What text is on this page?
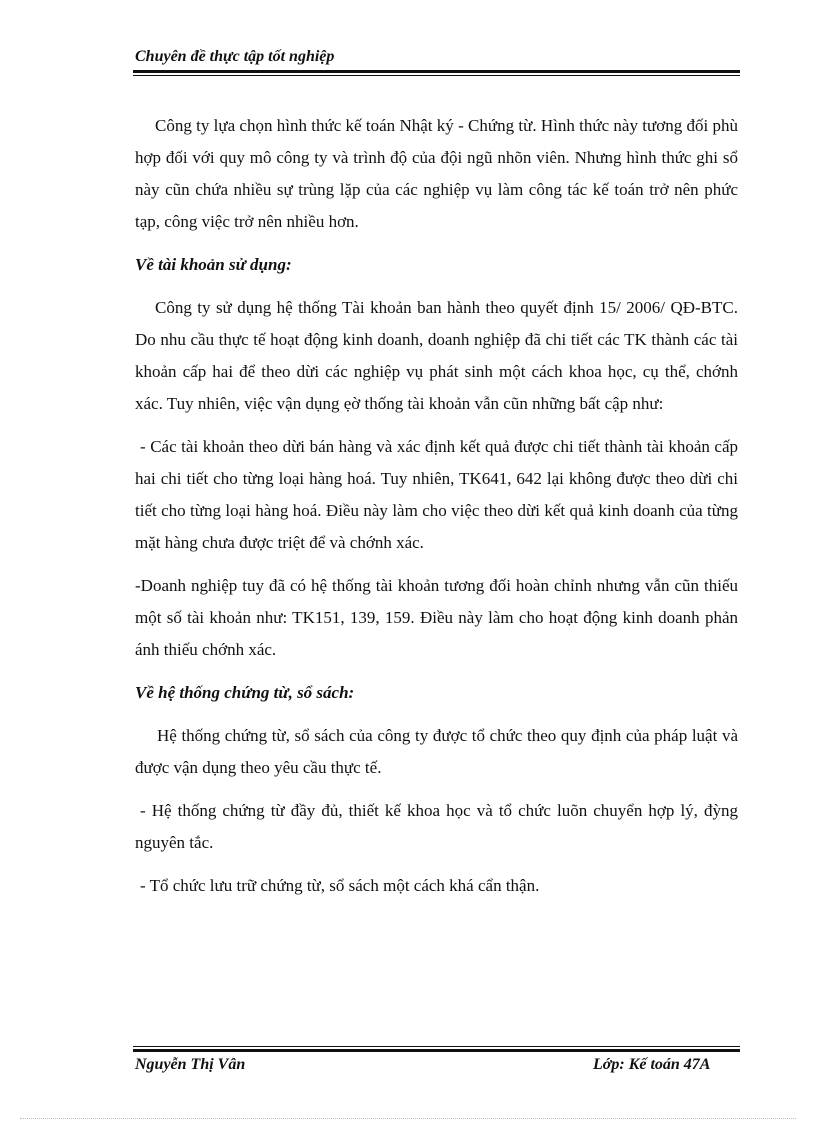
Chuyên đề thực tập tốt nghiệp

Công ty lựa chọn hình thức kế toán Nhật ký - Chứng từ. Hình thức này tương đối phù hợp đối với quy mô công ty và trình độ của đội ngũ nhõn viên. Nhưng hình thức ghi sổ này cũn chứa nhiều sự trùng lặp của các nghiệp vụ làm công tác kế toán trở nên phức tạp, công việc trở nên nhiều hơn.

Về tài khoản sử dụng:

Công ty sử dụng hệ thống Tài khoản ban hành theo quyết định 15/ 2006/ QĐ-BTC. Do nhu cầu thực tế hoạt động kinh doanh, doanh nghiệp đã chi tiết các TK thành các tài khoản cấp hai để theo dừi các nghiệp vụ phát sinh một cách khoa học, cụ thể, chớnh xác. Tuy nhiên, việc vận dụng ẹờ thống tài khoản vẫn cũn những bất cập như:

- Các tài khoản theo dừi bán hàng và xác định kết quả được chi tiết thành tài khoản cấp hai chi tiết cho từng loại hàng hoá. Tuy nhiên, TK641, 642 lại không được theo dừi chi tiết cho từng loại hàng hoá. Điều này làm cho việc theo dừi kết quả kinh doanh của từng mặt hàng chưa được triệt để và chớnh xác.

-Doanh nghiệp tuy đã có hệ thống tài khoản tương đối hoàn chỉnh nhưng vẫn cũn thiếu một số tài khoản như: TK151, 139, 159. Điều này làm cho hoạt động kinh doanh phản ánh thiếu chớnh xác.

Về hệ thống chứng từ, sổ sách:

Hệ thống chứng từ, sổ sách của công ty được tổ chức theo quy định của pháp luật và được vận dụng theo yêu cầu thực tế.

- Hệ thống chứng từ đầy đủ, thiết kế khoa học và tổ chức luõn chuyển hợp lý, đỳng nguyên tắc.

- Tổ chức lưu trữ chứng từ, sổ sách một cách khá cẩn thận.

Nguyễn Thị Vân	Lớp: Kế toán 47A
